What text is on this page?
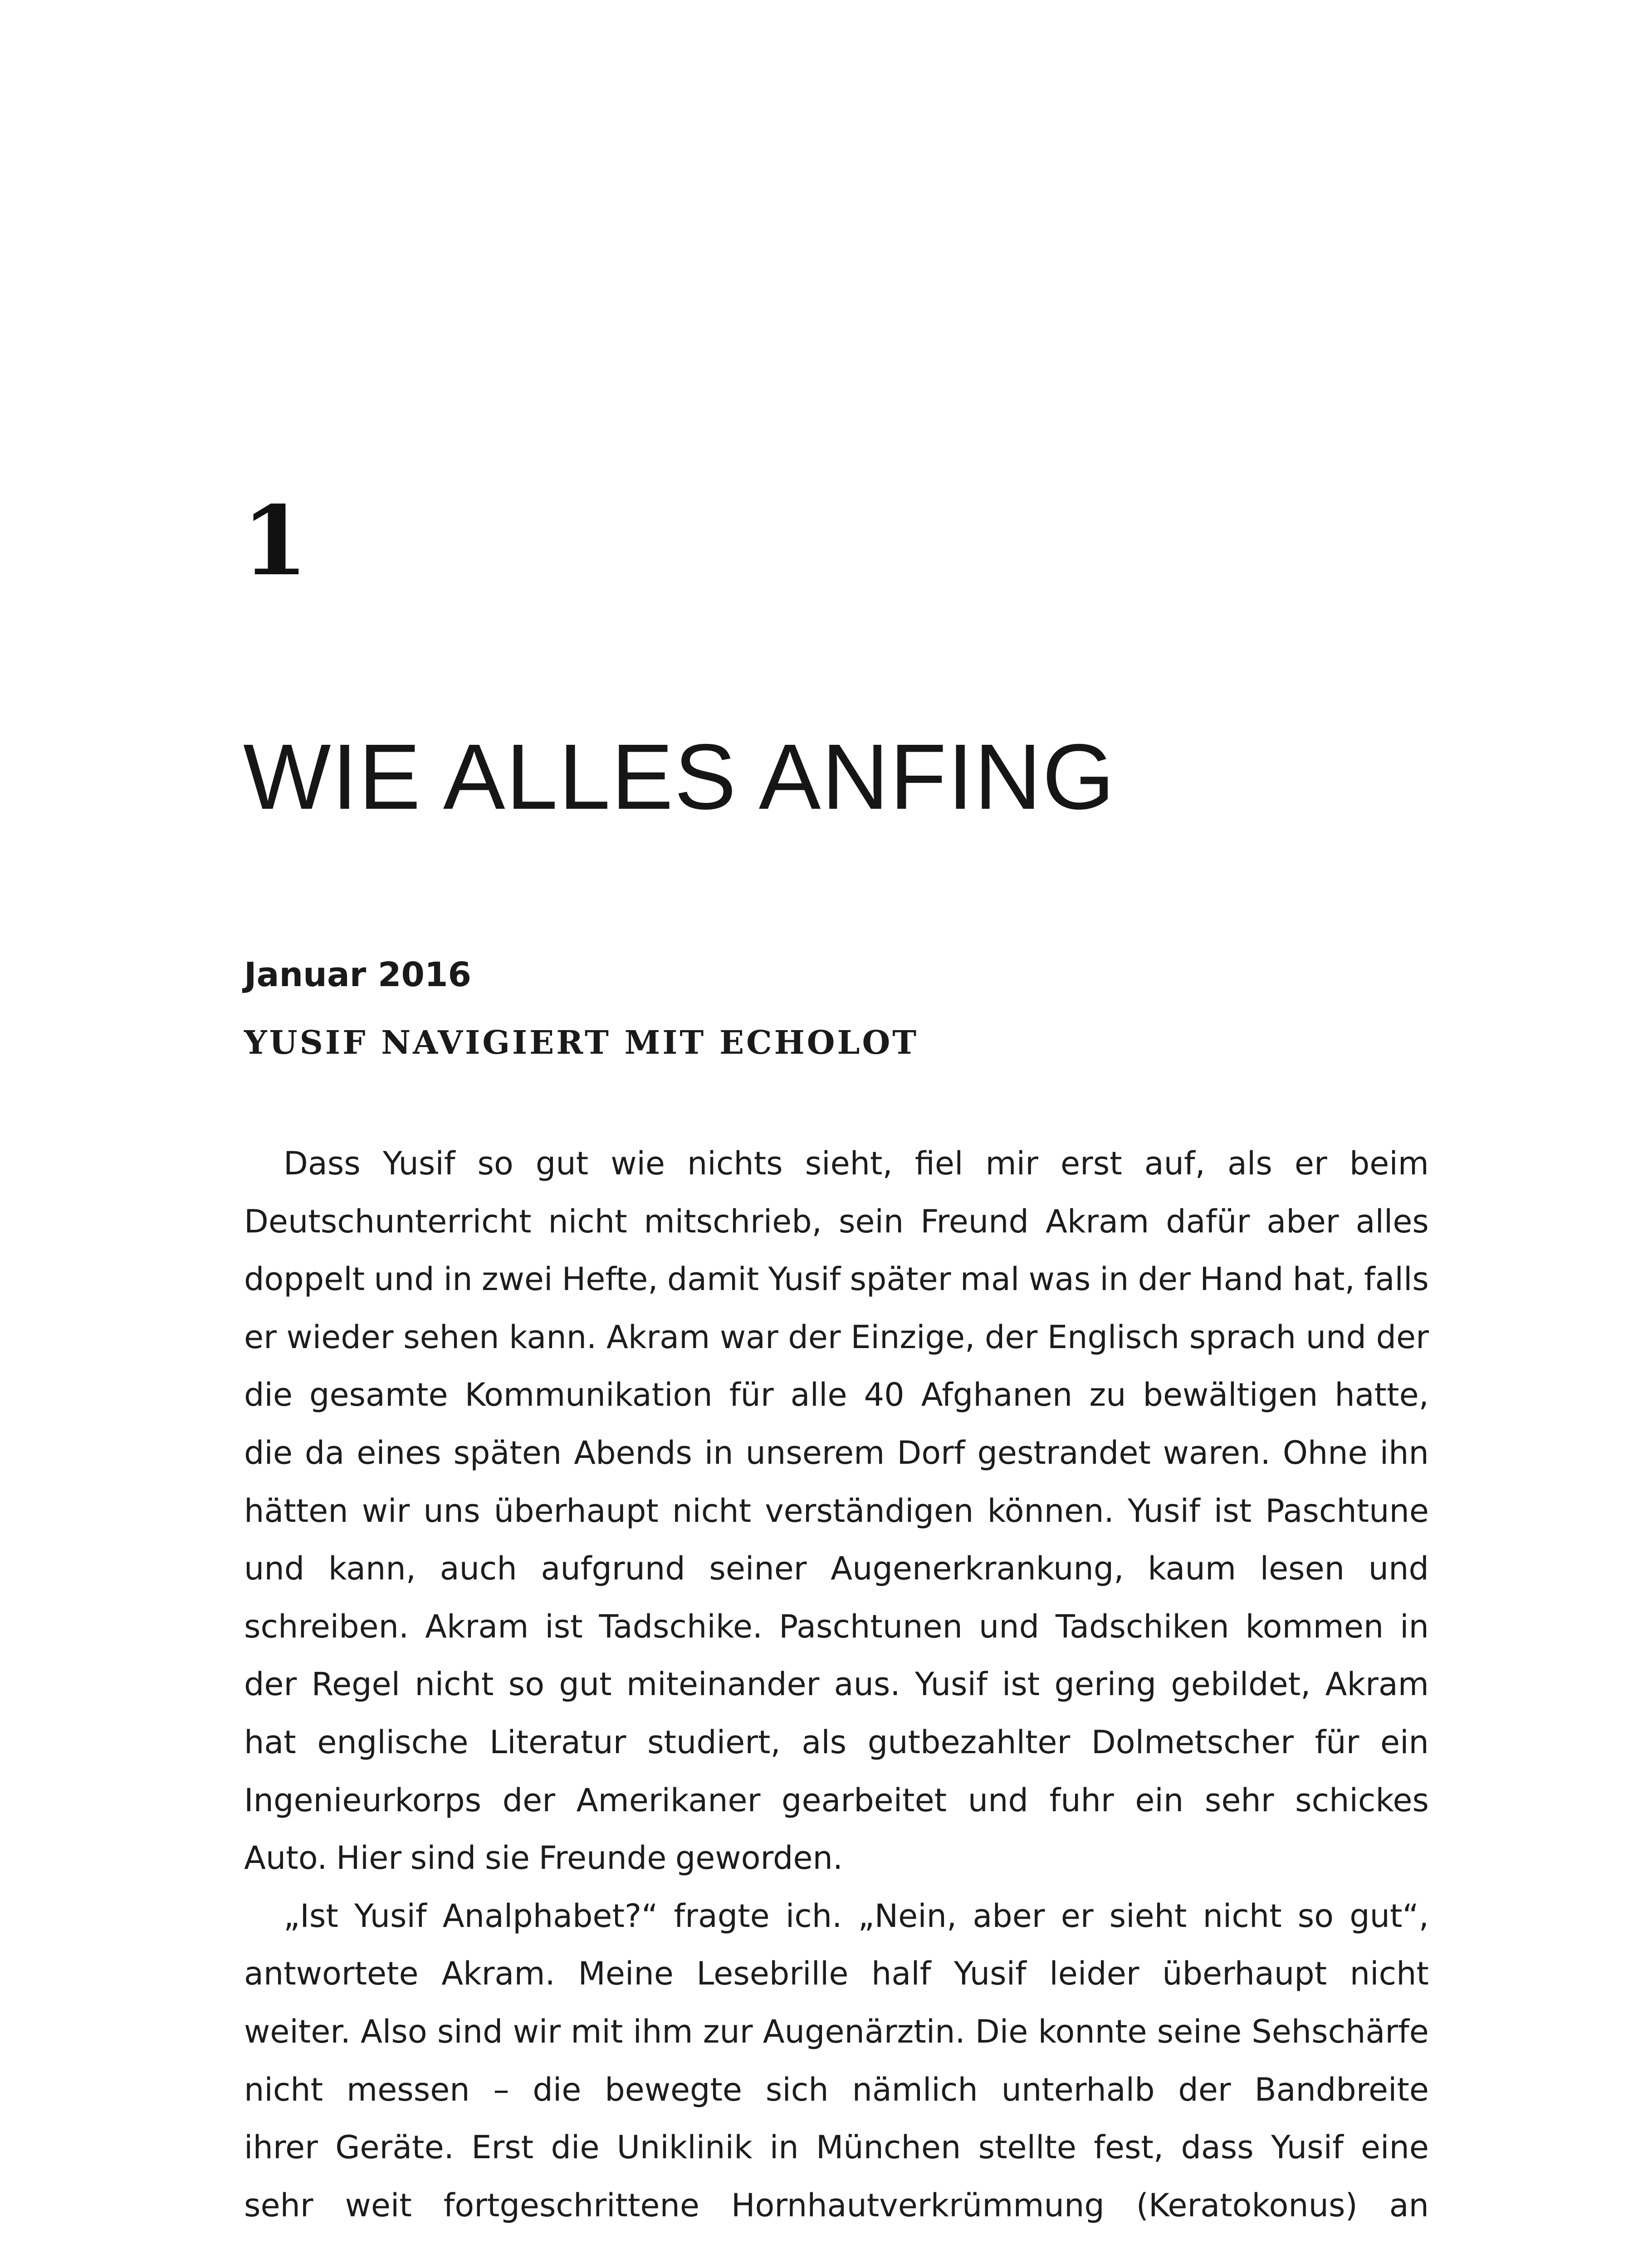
1
WIE ALLES ANFING
Januar 2016
YUSIF NAVIGIERT MIT ECHOLOT
Dass Yusif so gut wie nichts sieht, fiel mir erst auf, als er beim
Deutschunterricht nicht mitschrieb, sein Freund Akram dafür aber alles
doppelt und in zwei Hefte, damit Yusif später mal was in der Hand hat, falls
er wieder sehen kann. Akram war der Einzige, der Englisch sprach und der
die gesamte Kommunikation für alle 40 Afghanen zu bewältigen hatte,
die da eines späten Abends in unserem Dorf gestrandet waren. Ohne ihn
hätten wir uns überhaupt nicht verständigen können. Yusif ist Paschtune
und kann, auch aufgrund seiner Augenerkrankung, kaum lesen und
schreiben. Akram ist Tadschike. Paschtunen und Tadschiken kommen in
der Regel nicht so gut miteinander aus. Yusif ist gering gebildet, Akram
hat englische Literatur studiert, als gutbezahlter Dolmetscher für ein
Ingenieurkorps der Amerikaner gearbeitet und fuhr ein sehr schickes
Auto. Hier sind sie Freunde geworden.
„Ist Yusif Analphabet?“ fragte ich. „Nein, aber er sieht nicht so gut“,
antwortete Akram. Meine Lesebrille half Yusif leider überhaupt nicht
weiter. Also sind wir mit ihm zur Augenärztin. Die konnte seine Sehschärfe
nicht messen – die bewegte sich nämlich unterhalb der Bandbreite
ihrer Geräte. Erst die Uniklinik in München stellte fest, dass Yusif eine
sehr weit fortgeschrittene Hornhautverkrümmung (Keratokonus) an
